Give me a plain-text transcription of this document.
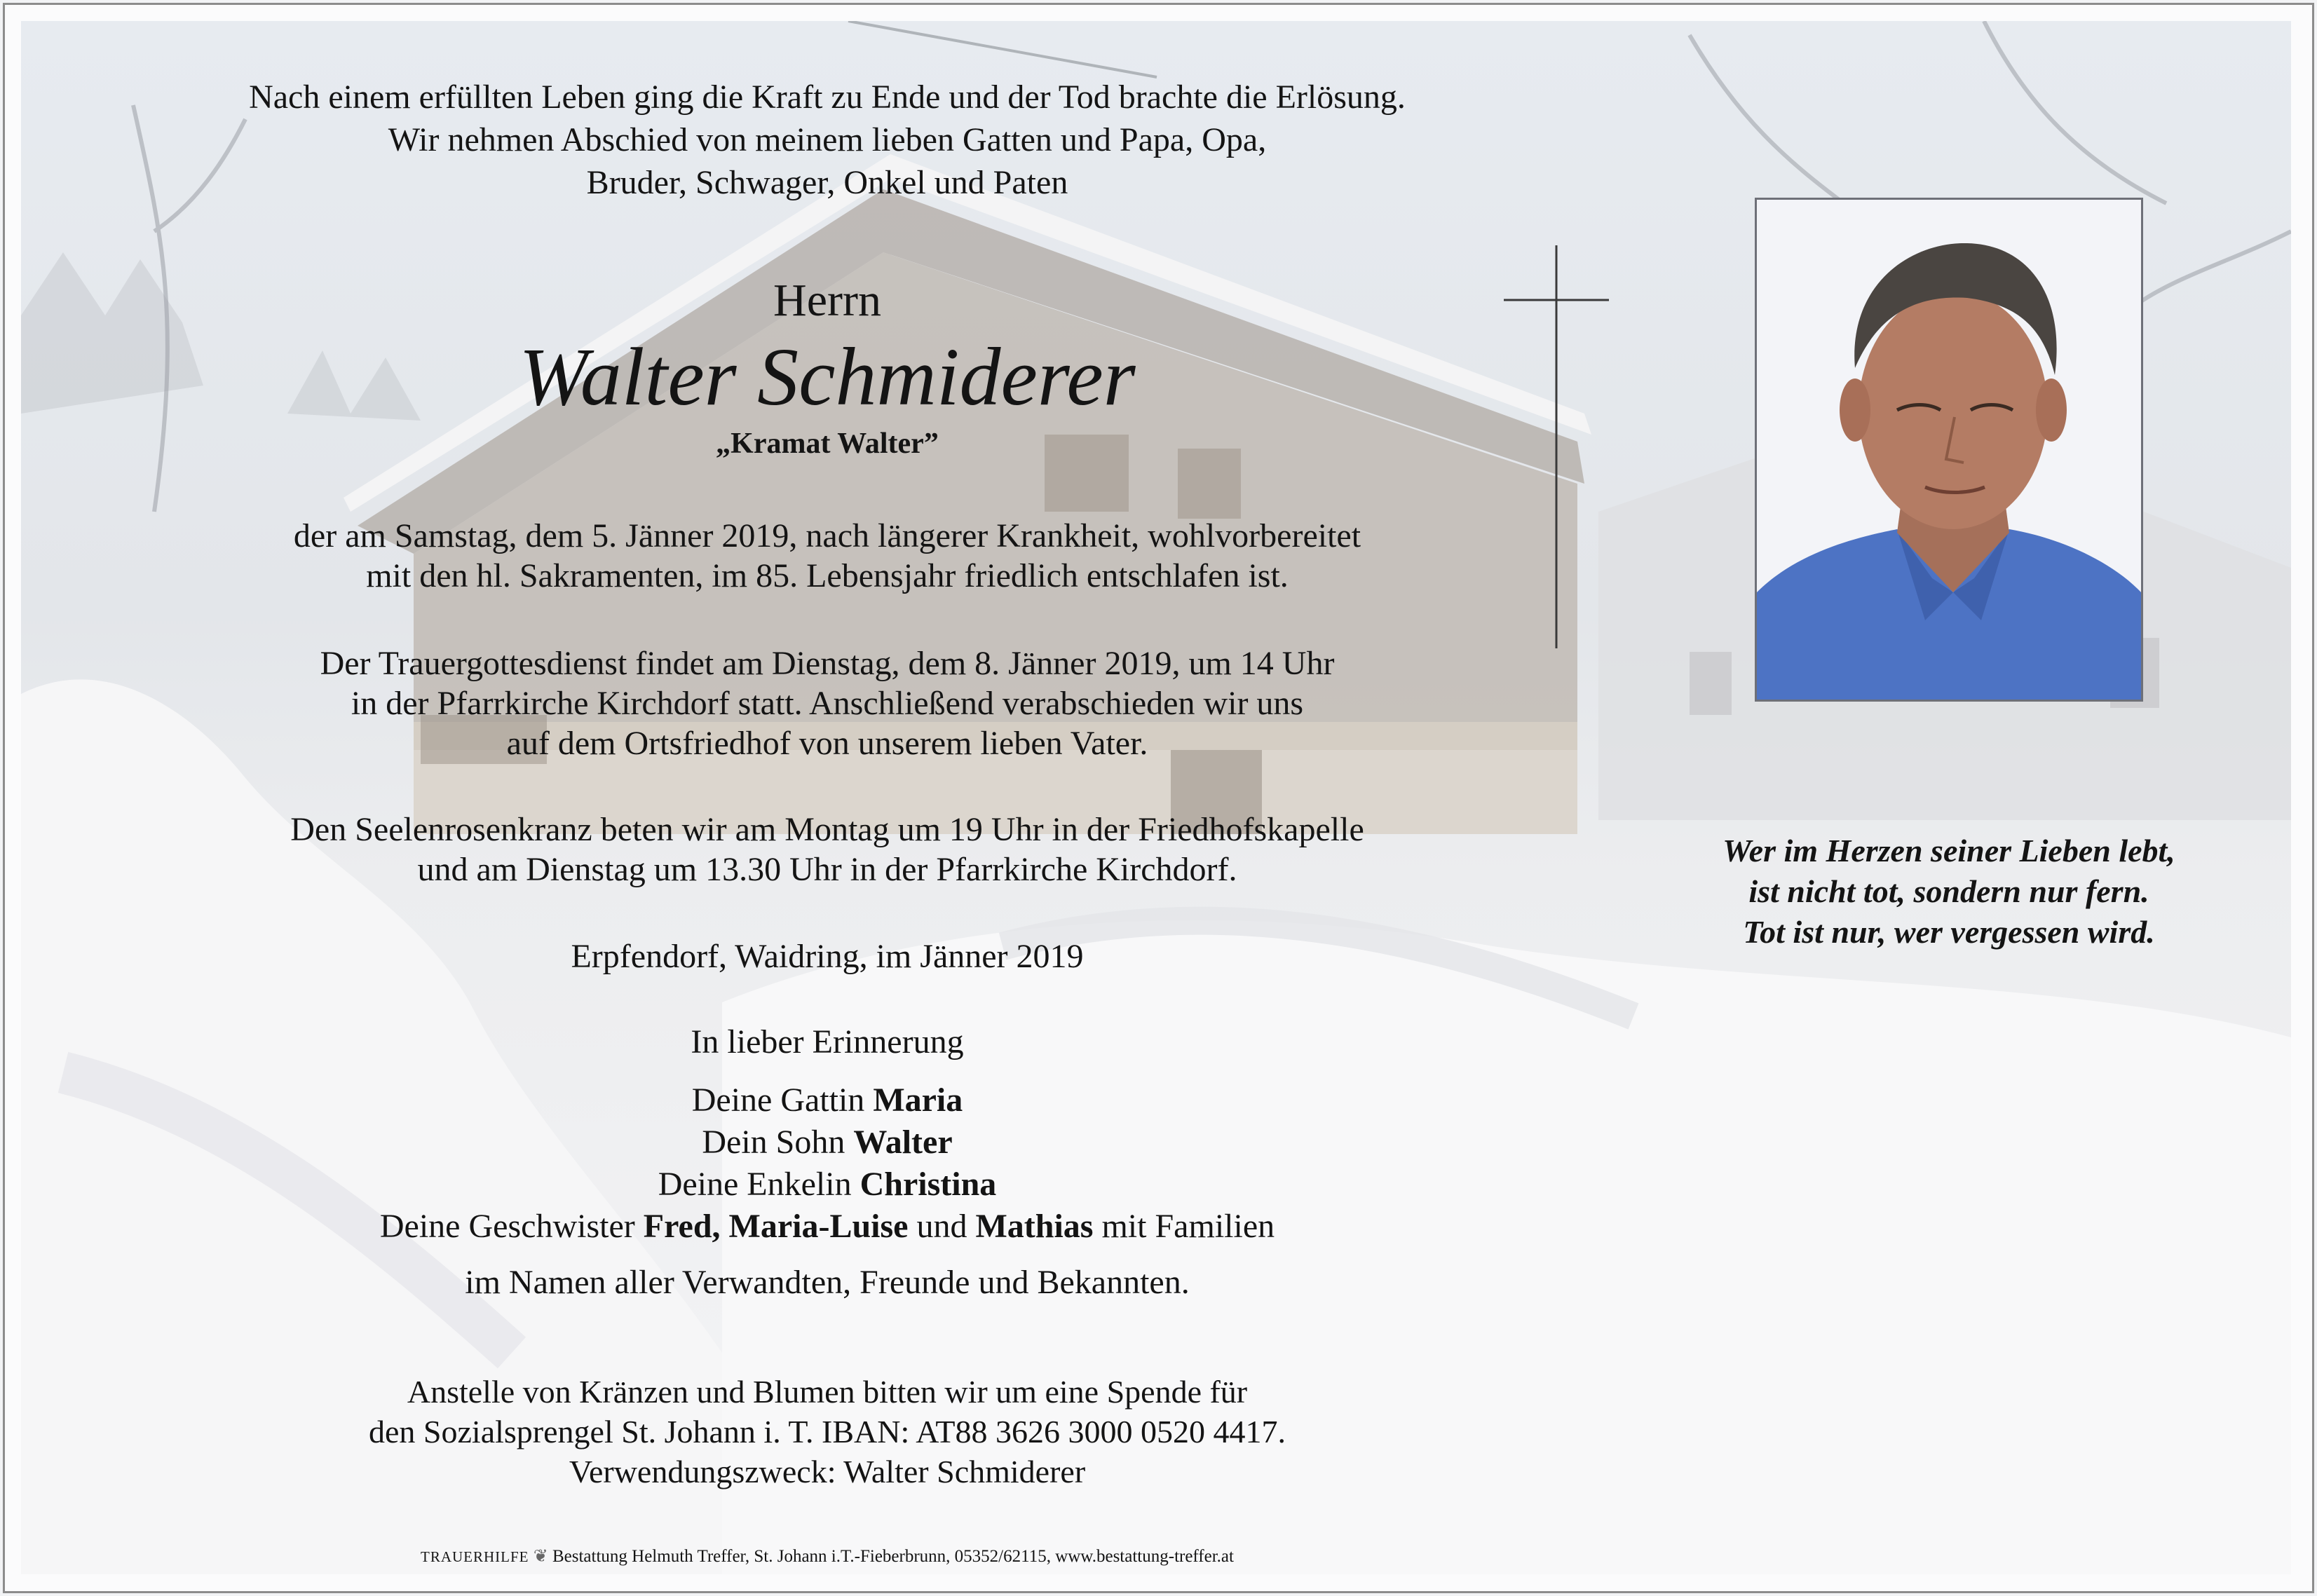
Nach einem erfüllten Leben ging die Kraft zu Ende und der Tod brachte die Erlösung.
Wir nehmen Abschied von meinem lieben Gatten und Papa, Opa,
Bruder, Schwager, Onkel und Paten
Herrn
Walter Schmiderer
„Kramat Walter”
der am Samstag, dem 5. Jänner 2019, nach längerer Krankheit, wohlvorbereitet
mit den hl. Sakramenten, im 85. Lebensjahr friedlich entschlafen ist.
Der Trauergottesdienst findet am Dienstag, dem 8. Jänner 2019, um 14 Uhr
in der Pfarrkirche Kirchdorf statt. Anschließend verabschieden wir uns
auf dem Ortsfriedhof von unserem lieben Vater.
Den Seelenrosenkranz beten wir am Montag um 19 Uhr in der Friedhofskapelle
und am Dienstag um 13.30 Uhr in der Pfarrkirche Kirchdorf.
Erpfendorf, Waidring, im Jänner 2019
In lieber Erinnerung
Deine Gattin Maria
Dein Sohn Walter
Deine Enkelin Christina
Deine Geschwister Fred, Maria-Luise und Mathias mit Familien
im Namen aller Verwandten, Freunde und Bekannten.
Anstelle von Kränzen und Blumen bitten wir um eine Spende für
den Sozialsprengel St. Johann i. T. IBAN: AT88 3626 3000 0520 4417.
Verwendungszweck: Walter Schmiderer
TRAUERHILFE ❦ Bestattung Helmuth Treffer, St. Johann i.T.-Fieberbrunn, 05352/62115, www.bestattung-treffer.at
Wer im Herzen seiner Lieben lebt,
ist nicht tot, sondern nur fern.
Tot ist nur, wer vergessen wird.
